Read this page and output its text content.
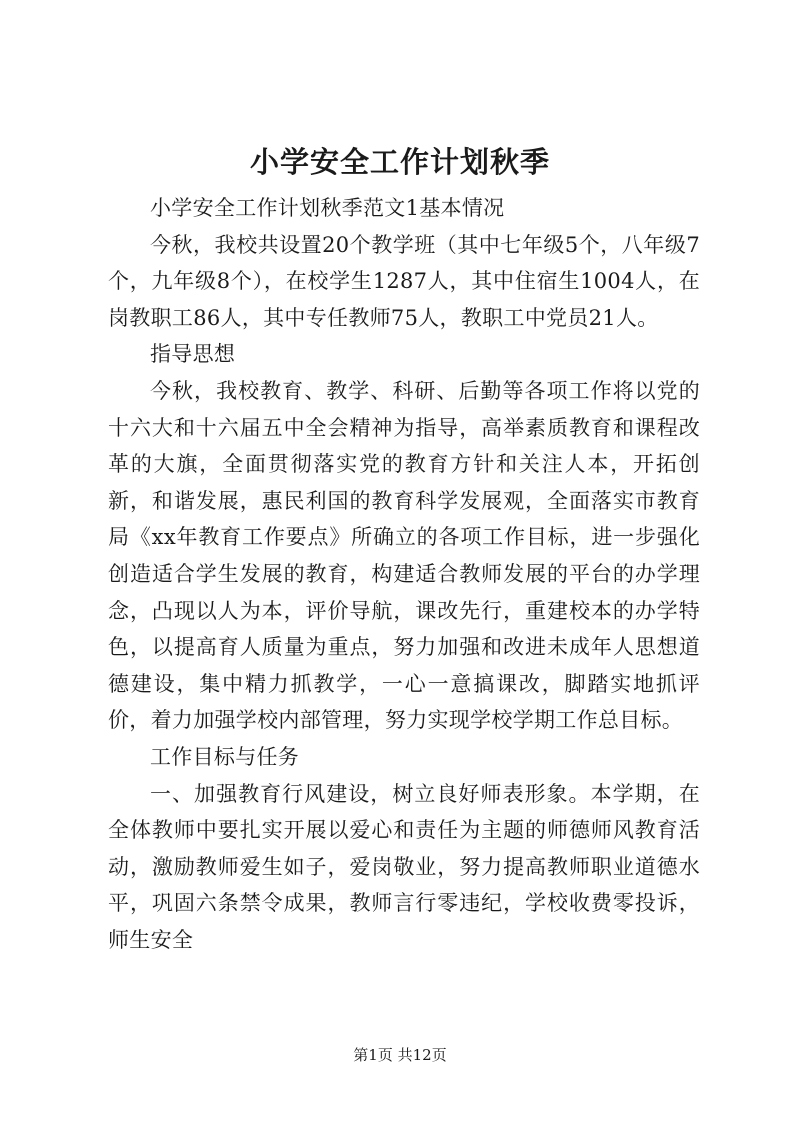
小学安全工作计划秋季

小学安全工作计划秋季范文1基本情况

今秋，我校共设置20个教学班（其中七年级5个，八年级7个，九年级8个），在校学生1287人，其中住宿生1004人，在岗教职工86人，其中专任教师75人，教职工中党员21人。

指导思想

今秋，我校教育、教学、科研、后勤等各项工作将以党的十六大和十六届五中全会精神为指导，高举素质教育和课程改革的大旗，全面贯彻落实党的教育方针和关注人本，开拓创新，和谐发展，惠民利国的教育科学发展观，全面落实市教育局《xx年教育工作要点》所确立的各项工作目标，进一步强化创造适合学生发展的教育，构建适合教师发展的平台的办学理念，凸现以人为本，评价导航，课改先行，重建校本的办学特色，以提高育人质量为重点，努力加强和改进未成年人思想道德建设，集中精力抓教学，一心一意搞课改，脚踏实地抓评价，着力加强学校内部管理，努力实现学校学期工作总目标。

工作目标与任务

一、加强教育行风建设，树立良好师表形象。本学期，在全体教师中要扎实开展以爱心和责任为主题的师德师风教育活动，激励教师爱生如子，爱岗敬业，努力提高教师职业道德水平，巩固六条禁令成果，教师言行零违纪，学校收费零投诉，师生安全

第1页 共12页
